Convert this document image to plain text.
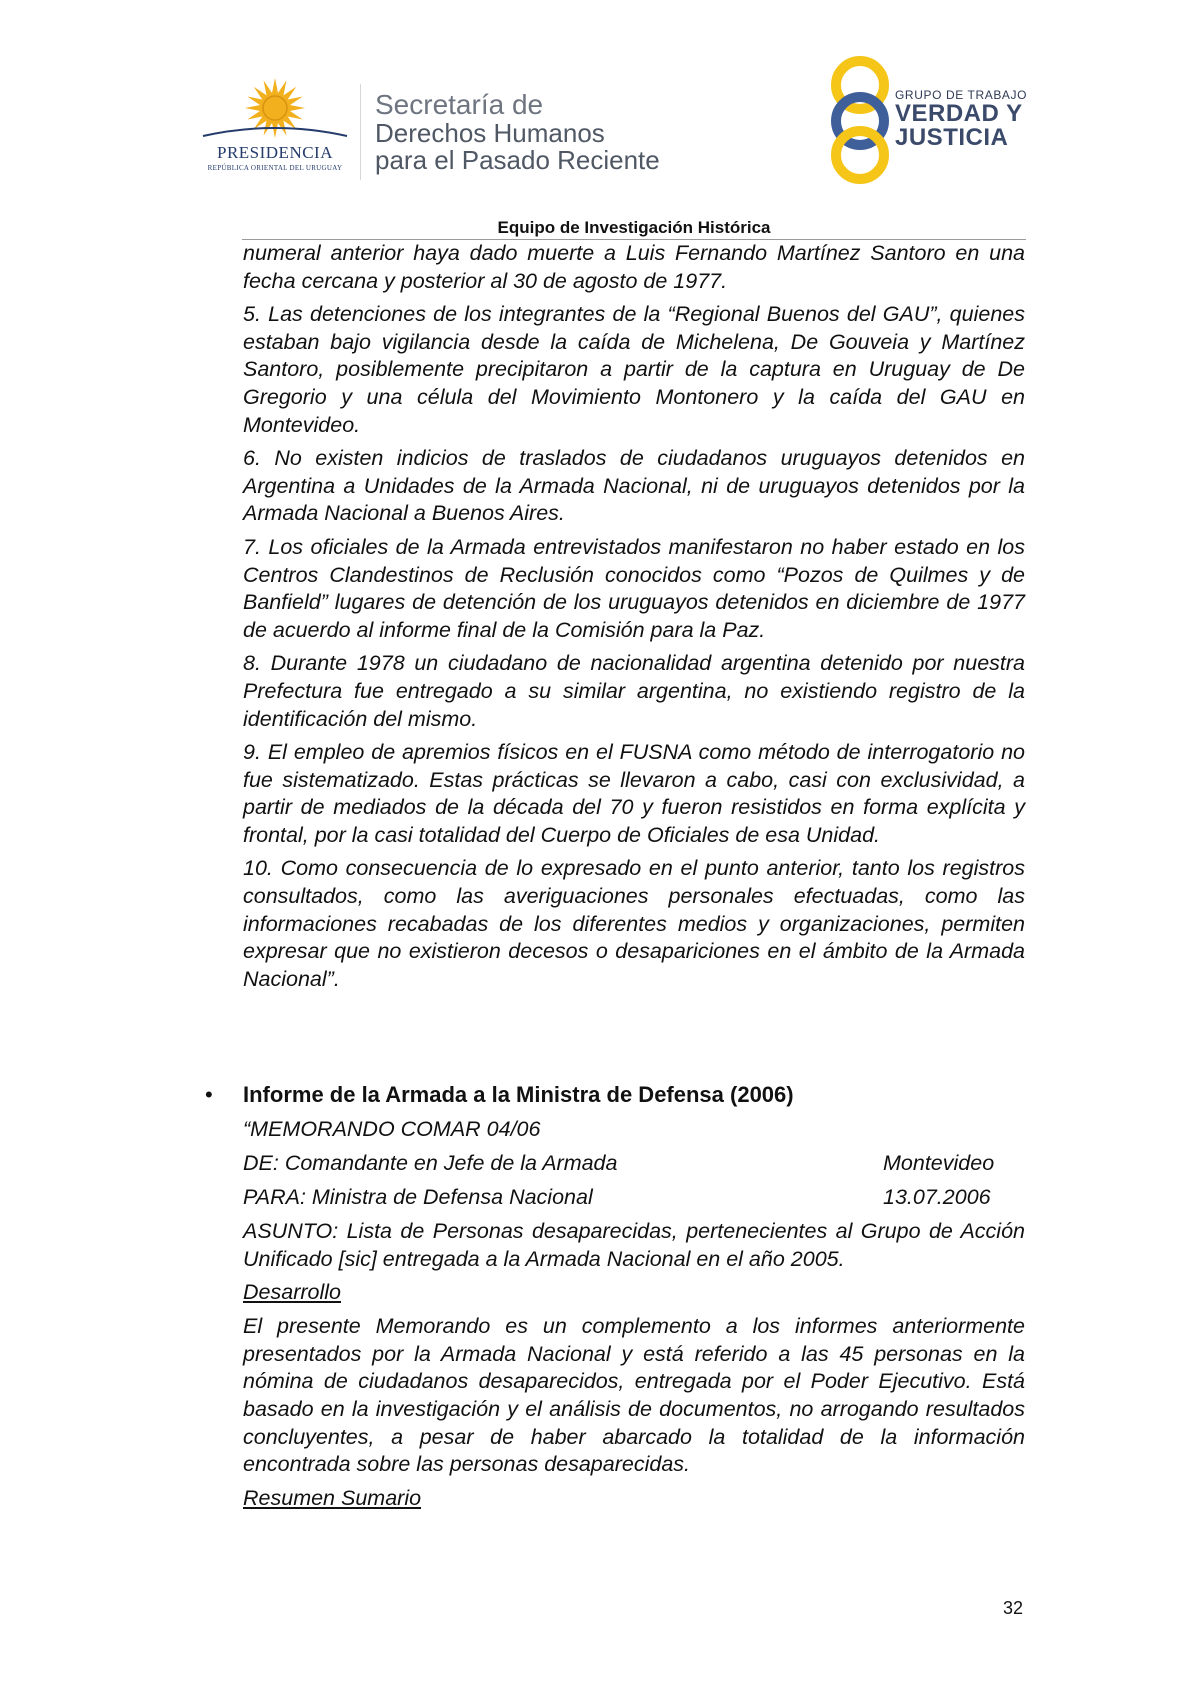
PRESIDENCIA
REPÚBLICA ORIENTAL DEL URUGUAY
Secretaría de
Derechos Humanos
para el Pasado Reciente
GRUPO DE TRABAJO
VERDAD Y
JUSTICIA
Equipo de Investigación Histórica

numeral anterior haya dado muerte a Luis Fernando Martínez Santoro en una fecha cercana y posterior al 30 de agosto de 1977.

5. Las detenciones de los integrantes de la “Regional Buenos del GAU”, quienes estaban bajo vigilancia desde la caída de Michelena, De Gouveia y Martínez Santoro, posiblemente precipitaron a partir de la captura en Uruguay de De Gregorio y una célula del Movimiento Montonero y la caída del GAU en Montevideo.

6. No existen indicios de traslados de ciudadanos uruguayos detenidos en Argentina a Unidades de la Armada Nacional, ni de uruguayos detenidos por la Armada Nacional a Buenos Aires.

7. Los oficiales de la Armada entrevistados manifestaron no haber estado en los Centros Clandestinos de Reclusión conocidos como “Pozos de Quilmes y de Banfield” lugares de detención de los uruguayos detenidos en diciembre de 1977 de acuerdo al informe final de la Comisión para la Paz.

8. Durante 1978 un ciudadano de nacionalidad argentina detenido por nuestra Prefectura fue entregado a su similar argentina, no existiendo registro de la identificación del mismo.

9. El empleo de apremios físicos en el FUSNA como método de interrogatorio no fue sistematizado. Estas prácticas se llevaron a cabo, casi con exclusividad, a partir de mediados de la década del 70 y fueron resistidos en forma explícita y frontal, por la casi totalidad del Cuerpo de Oficiales de esa Unidad.

10. Como consecuencia de lo expresado en el punto anterior, tanto los registros consultados, como las averiguaciones personales efectuadas, como las informaciones recabadas de los diferentes medios y organizaciones, permiten expresar que no existieron decesos o desapariciones en el ámbito de la Armada Nacional”.

• Informe de la Armada a la Ministra de Defensa (2006)
“MEMORANDO COMAR 04/06
DE: Comandante en Jefe de la Armada	Montevideo
PARA: Ministra de Defensa Nacional	13.07.2006

ASUNTO: Lista de Personas desaparecidas, pertenecientes al Grupo de Acción Unificado [sic] entregada a la Armada Nacional en el año 2005.

Desarrollo

El presente Memorando es un complemento a los informes anteriormente presentados por la Armada Nacional y está referido a las 45 personas en la nómina de ciudadanos desaparecidos, entregada por el Poder Ejecutivo. Está basado en la investigación y el análisis de documentos, no arrogando resultados concluyentes, a pesar de haber abarcado la totalidad de la información encontrada sobre las personas desaparecidas.

Resumen Sumario
32
